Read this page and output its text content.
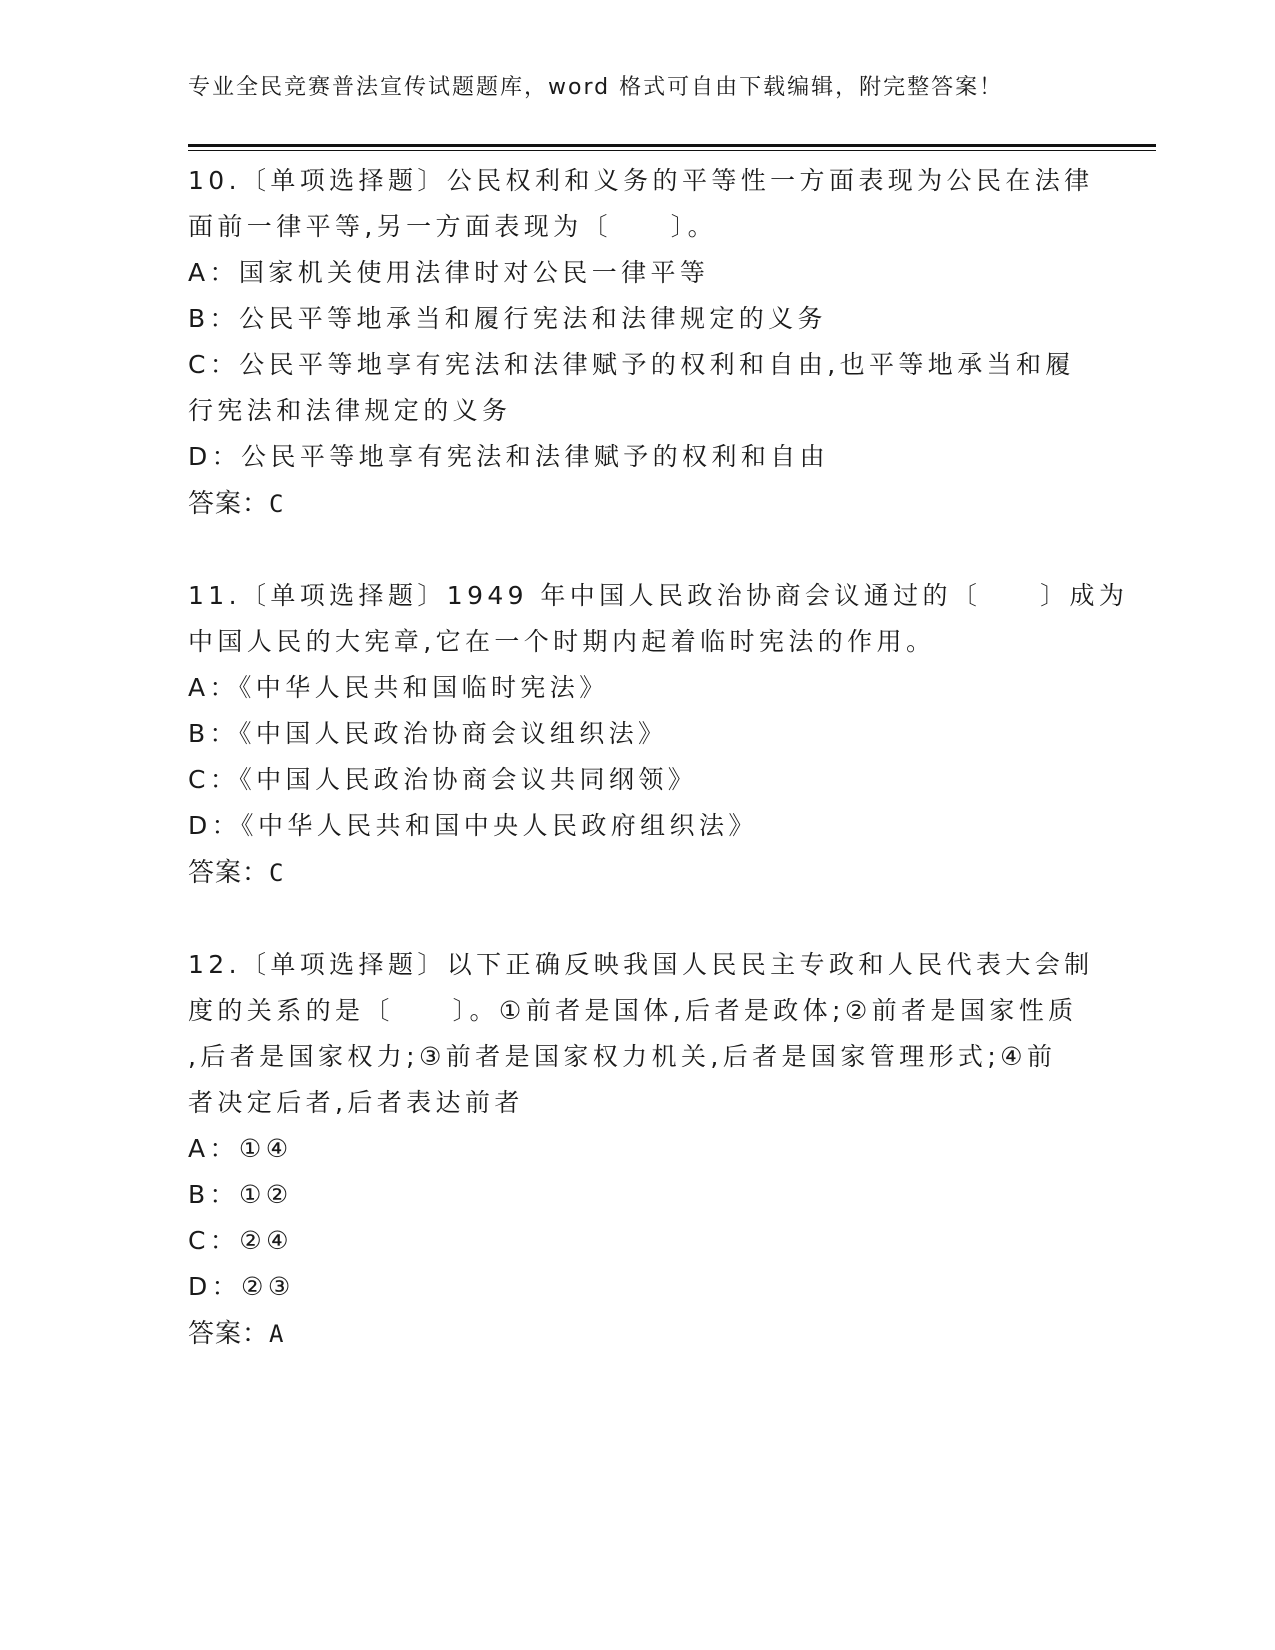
专业全民竞赛普法宣传试题题库，word 格式可自由下载编辑，附完整答案！
10.〔单项选择题〕公民权利和义务的平等性一方面表现为公民在法律
面前一律平等,另一方面表现为〔　　〕。
A：国家机关使用法律时对公民一律平等
B：公民平等地承当和履行宪法和法律规定的义务
C：公民平等地享有宪法和法律赋予的权利和自由,也平等地承当和履
行宪法和法律规定的义务
D：公民平等地享有宪法和法律赋予的权利和自由
答案：C
11.〔单项选择题〕1949 年中国人民政治协商会议通过的〔　　〕成为
中国人民的大宪章,它在一个时期内起着临时宪法的作用。
A：《中华人民共和国临时宪法》
B：《中国人民政治协商会议组织法》
C：《中国人民政治协商会议共同纲领》
D：《中华人民共和国中央人民政府组织法》
答案：C
12.〔单项选择题〕以下正确反映我国人民民主专政和人民代表大会制
度的关系的是〔　　〕。①前者是国体,后者是政体;②前者是国家性质
,后者是国家权力;③前者是国家权力机关,后者是国家管理形式;④前
者决定后者,后者表达前者
A：①④
B：①②
C：②④
D：②③
答案：A
